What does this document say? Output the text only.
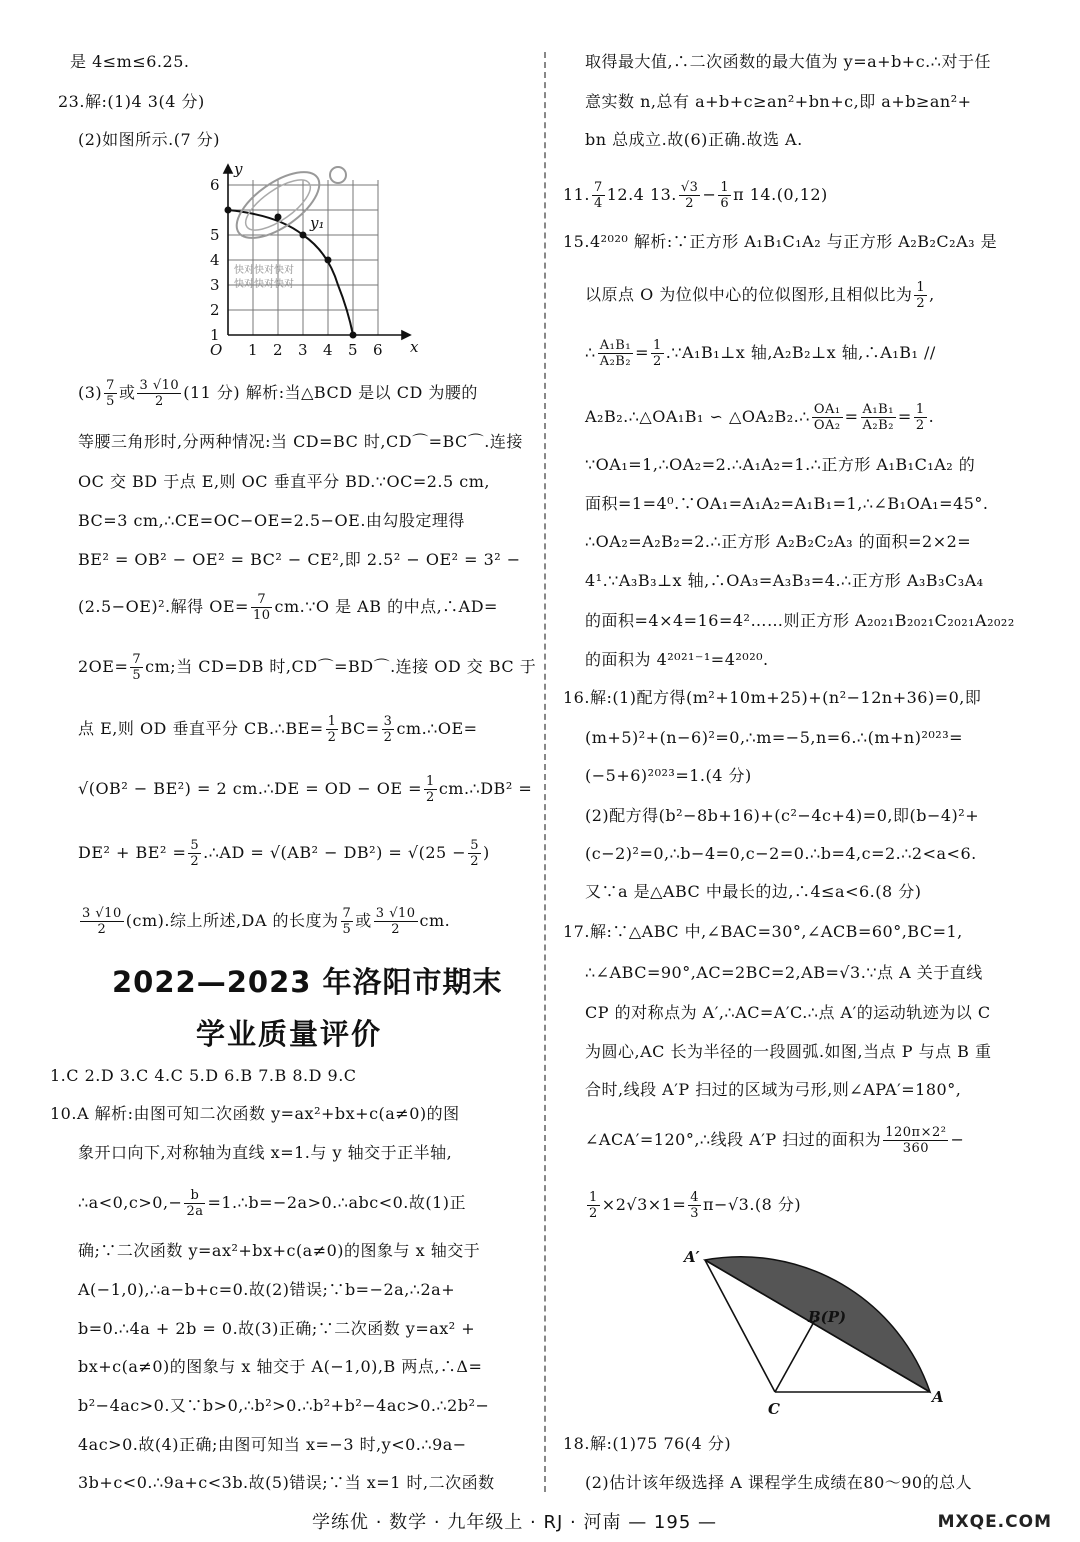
是 4≤m≤6.25.
23.解:(1)4 3(4 分)
(2)如图所示.(7 分)
1
2
3
4
5
6
1 2 3 4 5 6
O	x
y
y₁
快对快对快对
快对快对快对
$(3) \frac{7}{5}$ 或 $\frac{3 √10}{2} (11$ 分) 解析:当△BCD 是以 CD 为腰的
等腰三角形时,分两种情况:当 CD=BC 时,CD⌒=BC⌒.连接
OC 交 BD 于点 E,则 OC 垂直平分 BD.∵OC=2.5 cm,
BC=3 cm,∴CE=OC−OE=2.5−OE.由勾股定理得
BE² = OB² − OE² = BC² − CE²,即 2.5² − OE² = 3² −
(2.5−OE)².解得 $OE= \frac{7}{10}$ cm.∵O 是 AB 的中点,∴AD=
$2OE= \frac{7}{5}$ cm;当 CD=DB 时,CD⌒=BD⌒.连接 OD 交 BC 于
点 E,则 OD 垂直平分 CB.∴BE= $\frac{1}{2} BC= \frac{3}{2}$ cm.∴OE=
√(OB² − BE²) = 2 cm.∴DE = OD − OE = $\frac{1}{2}$ cm.∴DB² =
$DE^2 + BE^2 = \frac{5}{2}$ .∴AD = $√(AB^2 - DB^2) = √(25 - \frac{5}{2}$ )
$\frac{3 √10}{2} (cm)$.综上所述,DA 的长度为 $\frac{7}{5}$ 或 $\frac{3 √10}{2}$ cm.
2022—2023 年洛阳市期末
学业质量评价
1.C 2.D 3.C 4.C 5.D 6.B 7.B 8.D 9.C
10.A 解析:由图可知二次函数 y=ax²+bx+c(a≠0)的图
象开口向下,对称轴为直线 x=1.与 y 轴交于正半轴,
∴a<0,c>0,− $\frac{b}{2a}$ =1.∴b=−2a>0.∴abc<0.故(1)正
确;∵二次函数 y=ax²+bx+c(a≠0)的图象与 x 轴交于
A(−1,0),∴a−b+c=0.故(2)错误;∵b=−2a,∴2a+
b=0.∴4a + 2b = 0.故(3)正确;∵二次函数 y=ax² +
bx+c(a≠0)的图象与 x 轴交于 A(−1,0),B 两点,∴Δ=
b²−4ac>0.又∵b>0,∴b²>0.∴b²+b²−4ac>0.∴2b²−
4ac>0.故(4)正确;由图可知当 x=−3 时,y<0.∴9a−
3b+c<0.∴9a+c<3b.故(5)错误;∵当 x=1 时,二次函数
取得最大值,∴二次函数的最大值为 y=a+b+c.∴对于任
意实数 n,总有 a+b+c≥an²+bn+c,即 a+b≥an²+
bn 总成立.故(6)正确.故选 A.
11. $\frac{7}{4} 12.4$ 13. $\frac{√3}{2} - \frac{1}{6}$ π 14.(0,12)
15.4²⁰²⁰ 解析:∵正方形 A₁B₁C₁A₂ 与正方形 A₂B₂C₂A₃ 是
以原点 O 为位似中心的位似图形,且相似比为 $\frac{1}{2}$ ,
∴ $\frac{\text{A₁B₁}}{\text{A₂B₂}} = \frac{1}{2}$ .∵A₁B₁⊥x 轴,A₂B₂⊥x 轴,∴A₁B₁ //
A₂B₂.∴△OA₁B₁ ∽ △OA₂B₂.∴ $\frac{\text{OA₁}}{\text{OA₂}} = \frac{\text{A₁B₁}}{\text{A₂B₂}} = \frac{1}{2}$ .
∵OA₁=1,∴OA₂=2.∴A₁A₂=1.∴正方形 A₁B₁C₁A₂ 的
面积=1=4⁰.∵OA₁=A₁A₂=A₁B₁=1,∴∠B₁OA₁=45°.
∴OA₂=A₂B₂=2.∴正方形 A₂B₂C₂A₃ 的面积=2×2=
4¹.∵A₃B₃⊥x 轴,∴OA₃=A₃B₃=4.∴正方形 A₃B₃C₃A₄
的面积=4×4=16=4²……则正方形 A₂₀₂₁B₂₀₂₁C₂₀₂₁A₂₀₂₂
的面积为 4²⁰²¹⁻¹=4²⁰²⁰.
16.解:(1)配方得(m²+10m+25)+(n²−12n+36)=0,即
(m+5)²+(n−6)²=0,∴m=−5,n=6.∴(m+n)²⁰²³=
(−5+6)²⁰²³=1.(4 分)
(2)配方得(b²−8b+16)+(c²−4c+4)=0,即(b−4)²+
(c−2)²=0,∴b−4=0,c−2=0.∴b=4,c=2.∴2<a<6.
又∵a 是△ABC 中最长的边,∴4≤a<6.(8 分)
17.解:∵△ABC 中,∠BAC=30°,∠ACB=60°,BC=1,
∴∠ABC=90°,AC=2BC=2,AB=√3.∵点 A 关于直线
CP 的对称点为 A′,∴AC=A′C.∴点 A′的运动轨迹为以 C
为圆心,AC 长为半径的一段圆弧.如图,当点 P 与点 B 重
合时,线段 A′P 扫过的区域为弓形,则∠APA′=180°,
∠ACA′=120°,∴线段 A′P 扫过的面积为 $\frac{\text{120π×2²}}{360}$ −
$\frac{1}{2} \times 2√3\times 1= \frac{4}{3} \pi-√3.(8$ 分)
A′
B(P)
A
C
18.解:(1)75 76(4 分)
(2)估计该年级选择 A 课程学生成绩在80～90的总人
学练优 · 数学 · 九年级上 · RJ · 河南 — 195 —	MXQE.COM
